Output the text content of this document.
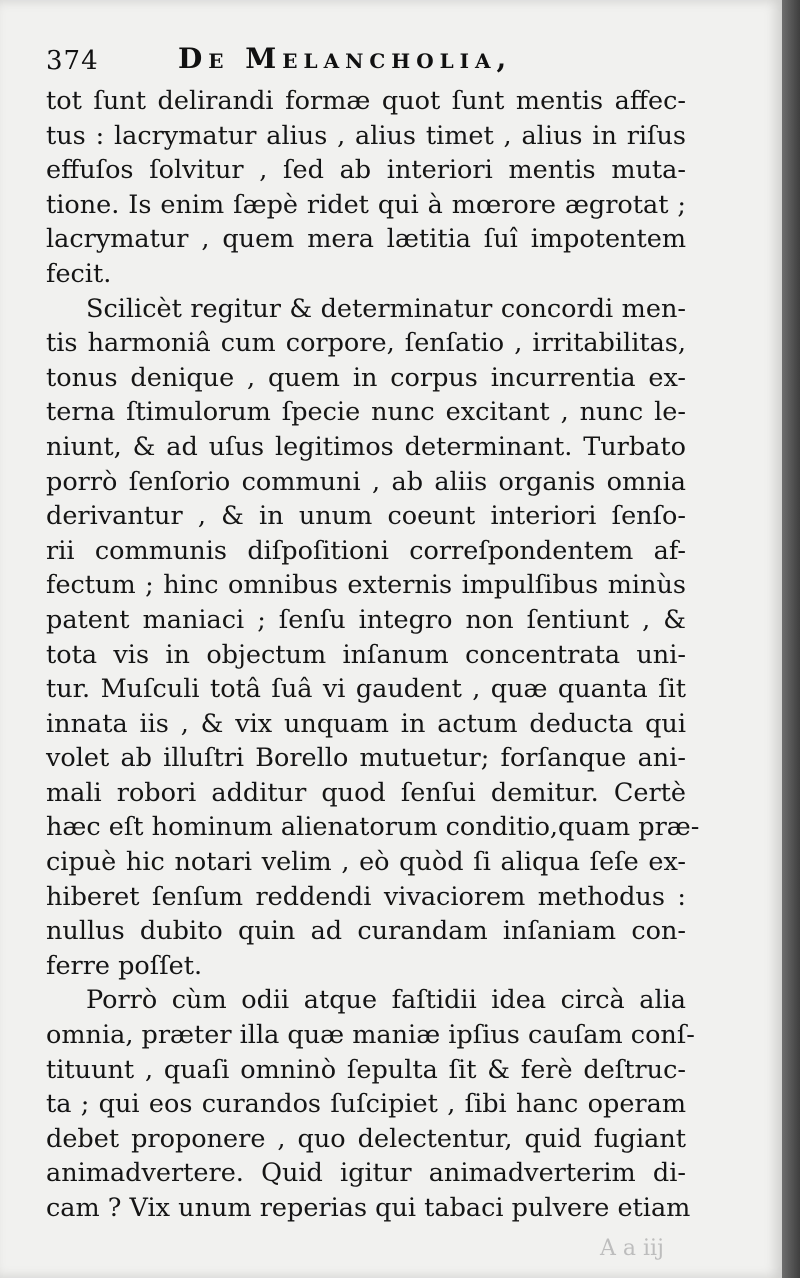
374	De Melancholia,
tot ſunt delirandi formæ quot ſunt mentis affec-
tus : lacrymatur alius , alius timet , alius in riſus
effuſos ſolvitur , ſed ab interiori mentis muta-
tione. Is enim ſæpè ridet qui à mœrore ægrotat ;
lacrymatur , quem mera lætitia ſuî impotentem
fecit.
Scilicèt regitur & determinatur concordi men-
tis harmoniâ cum corpore, ſenſatio , irritabilitas,
tonus denique , quem in corpus incurrentia ex-
terna ſtimulorum ſpecie nunc excitant , nunc le-
niunt, & ad uſus legitimos determinant. Turbato
porrò ſenſorio communi , ab aliis organis omnia
derivantur , & in unum coeunt interiori ſenſo-
rii communis diſpoſitioni correſpondentem af-
fectum ; hinc omnibus externis impulſibus minùs
patent maniaci ; ſenſu integro non ſentiunt , &
tota vis in objectum inſanum concentrata uni-
tur. Muſculi totâ ſuâ vi gaudent , quæ quanta ſit
innata iis , & vix unquam in actum deducta qui
volet ab illuſtri Borello mutuetur; forſanque ani-
mali robori additur quod ſenſui demitur. Certè
hæc eſt hominum alienatorum conditio,quam præ-
cipuè hic notari velim , eò quòd ſi aliqua ſeſe ex-
hiberet ſenſum reddendi vivaciorem methodus :
nullus dubito quin ad curandam inſaniam con-
ferre poſſet.
Porrò cùm odii atque faſtidii idea circà alia
omnia, præter illa quæ maniæ ipſius cauſam conſ-
tituunt , quaſi omninò ſepulta ſit & ferè deſtruc-
ta ; qui eos curandos ſuſcipiet , ſibi hanc operam
debet proponere , quo delectentur, quid fugiant
animadvertere. Quid igitur animadverterim di-
cam ? Vix unum reperias qui tabaci pulvere etiam
A a iij
